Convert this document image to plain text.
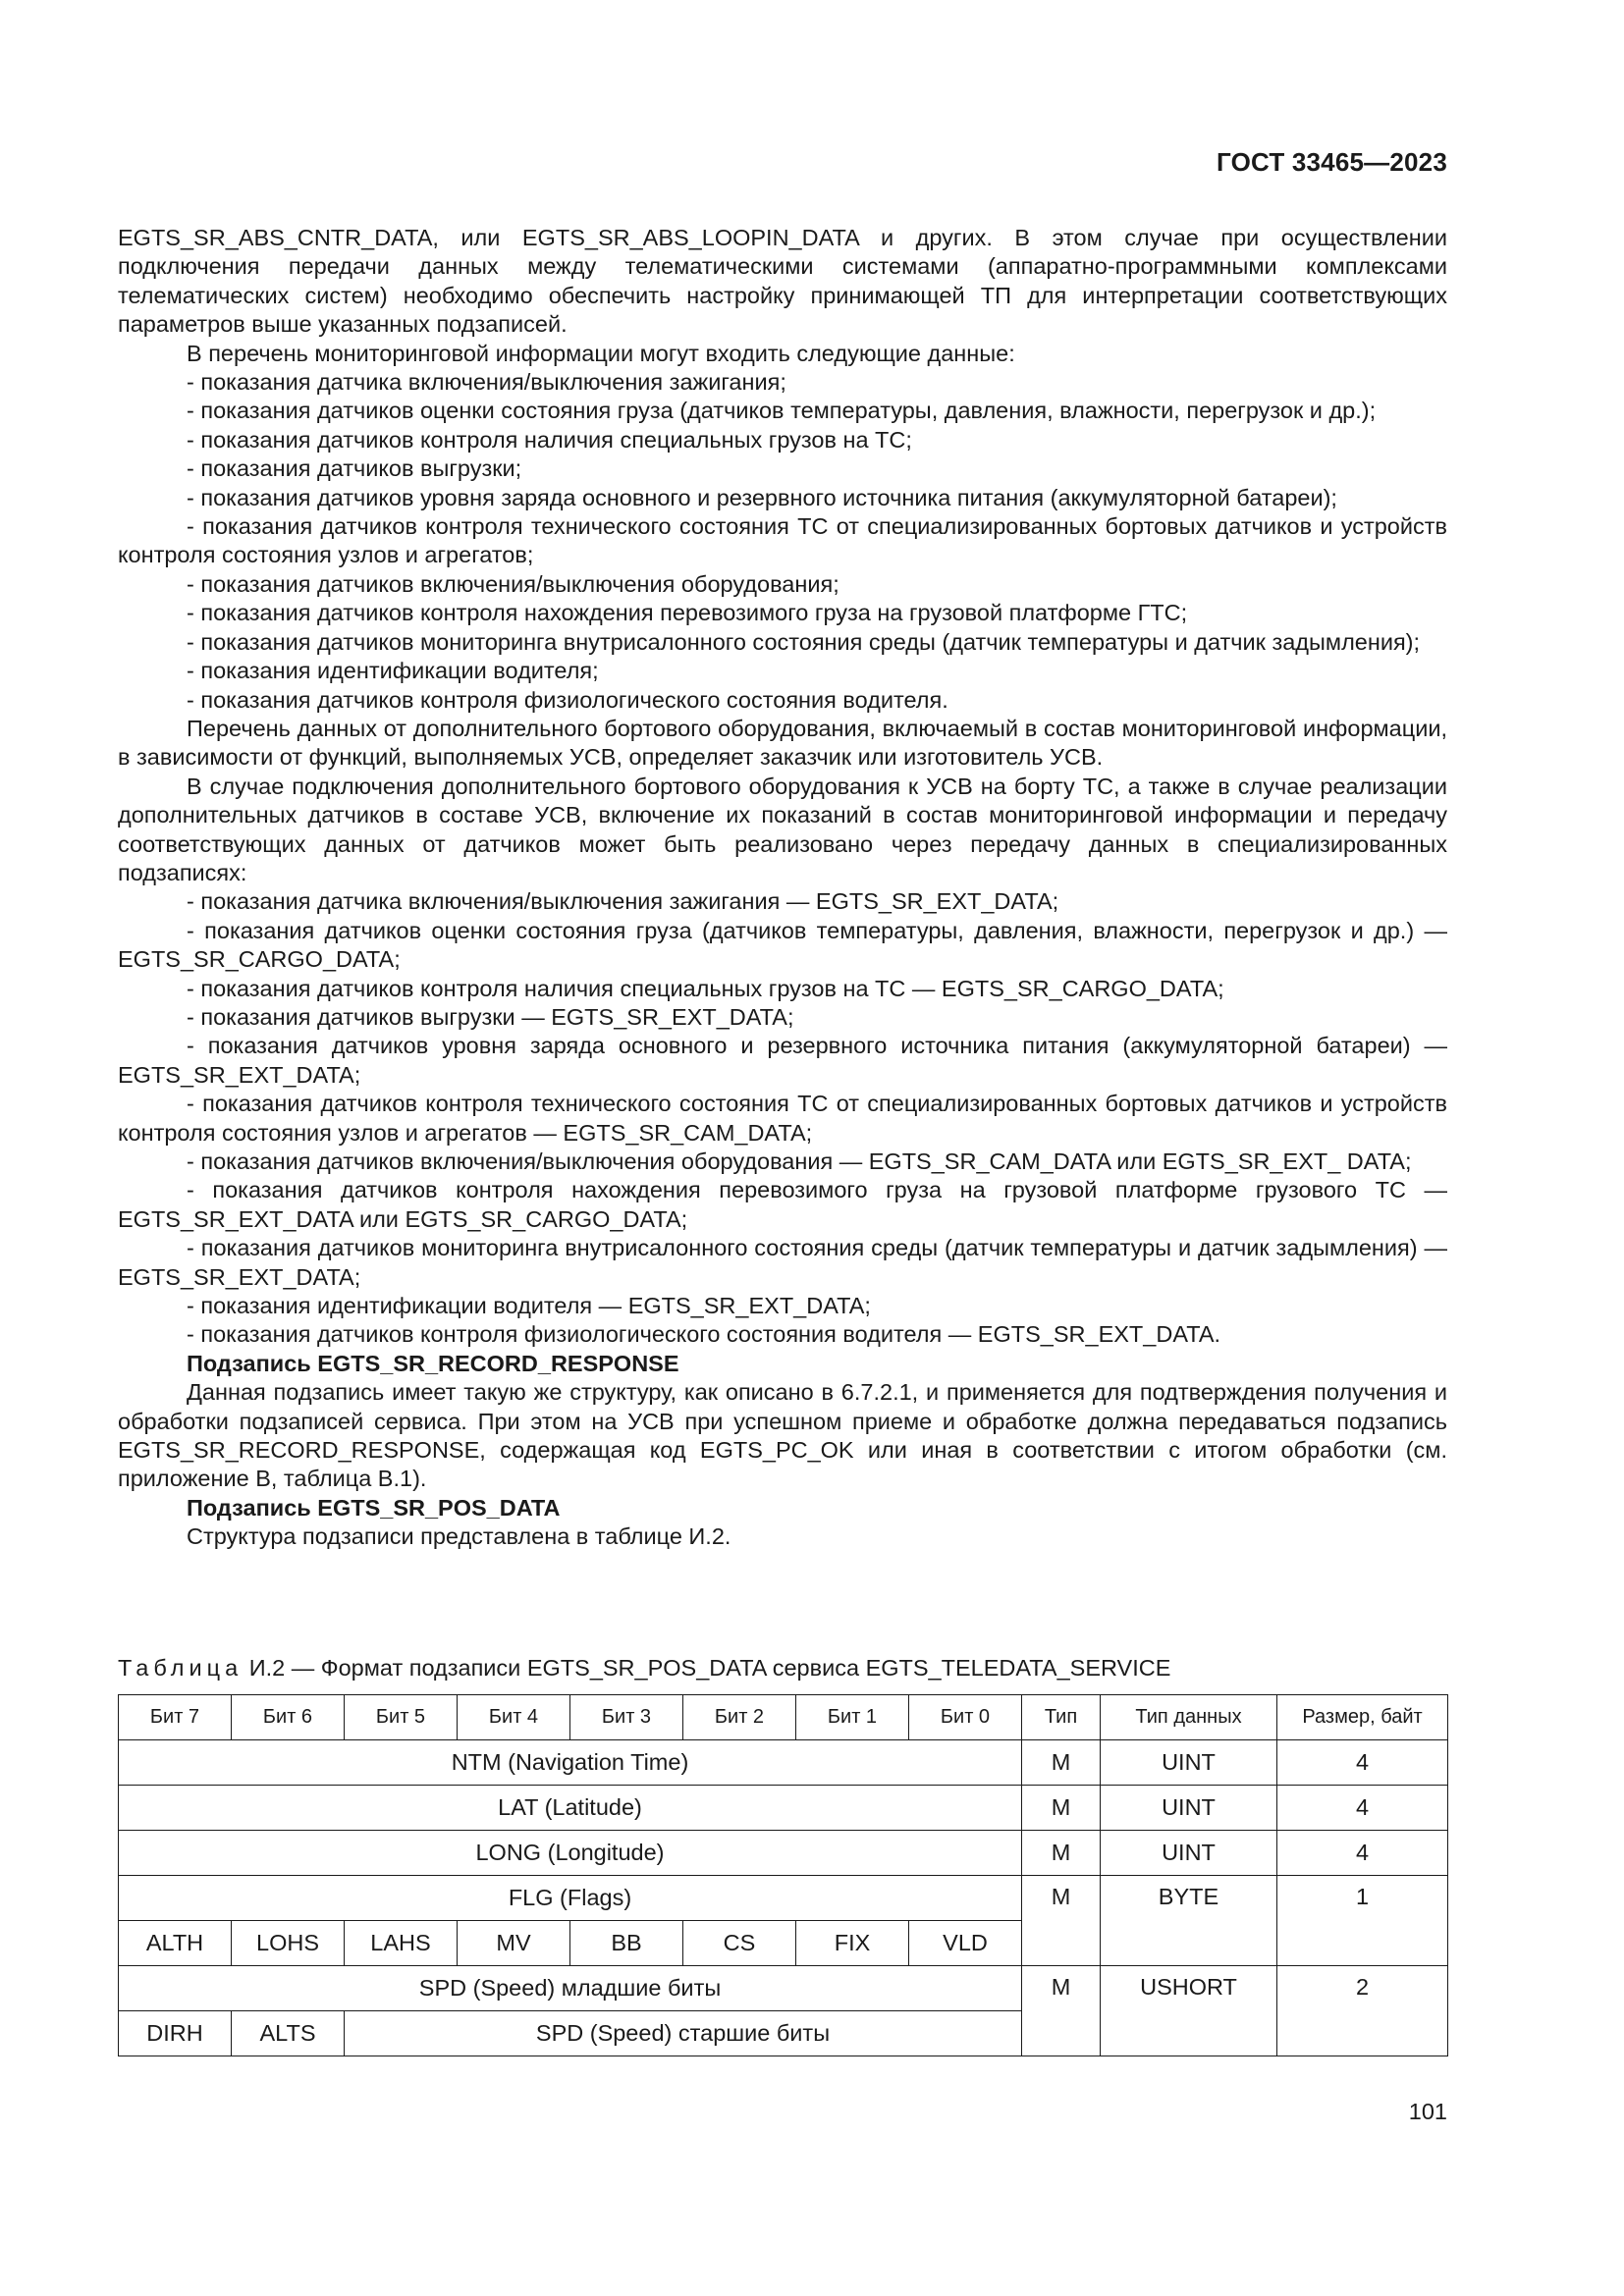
ГОСТ 33465—2023

EGTS_SR_ABS_CNTR_DATA, или EGTS_SR_ABS_LOOPIN_DATA и других. В этом случае при осуществлении подключения передачи данных между телематическими системами (аппаратно-программными комплексами телематических систем) необходимо обеспечить настройку принимающей ТП для интерпретации соответствующих параметров выше указанных подзаписей.

В перечень мониторинговой информации могут входить следующие данные:

- показания датчика включения/выключения зажигания;

- показания датчиков оценки состояния груза (датчиков температуры, давления, влажности, перегрузок и др.);

- показания датчиков контроля наличия специальных грузов на ТС;

- показания датчиков выгрузки;

- показания датчиков уровня заряда основного и резервного источника питания (аккумуляторной батареи);

- показания датчиков контроля технического состояния ТС от специализированных бортовых датчиков и устройств контроля состояния узлов и агрегатов;

- показания датчиков включения/выключения оборудования;

- показания датчиков контроля нахождения перевозимого груза на грузовой платформе ГТС;

- показания датчиков мониторинга внутрисалонного состояния среды (датчик температуры и датчик задымления);

- показания идентификации водителя;

- показания датчиков контроля физиологического состояния водителя.

Перечень данных от дополнительного бортового оборудования, включаемый в состав мониторинговой информации, в зависимости от функций, выполняемых УСВ, определяет заказчик или изготовитель УСВ.

В случае подключения дополнительного бортового оборудования к УСВ на борту ТС, а также в случае реализации дополнительных датчиков в составе УСВ, включение их показаний в состав мониторинговой информации и передачу соответствующих данных от датчиков может быть реализовано через передачу данных в специализированных подзаписях:

- показания датчика включения/выключения зажигания — EGTS_SR_EXT_DATA;

- показания датчиков оценки состояния груза (датчиков температуры, давления, влажности, перегрузок и др.) — EGTS_SR_CARGO_DATA;

- показания датчиков контроля наличия специальных грузов на ТС — EGTS_SR_CARGO_DATA;

- показания датчиков выгрузки — EGTS_SR_EXT_DATA;

- показания датчиков уровня заряда основного и резервного источника питания (аккумуляторной батареи) — EGTS_SR_EXT_DATA;

- показания датчиков контроля технического состояния ТС от специализированных бортовых датчиков и устройств контроля состояния узлов и агрегатов — EGTS_SR_CAM_DATA;

- показания датчиков включения/выключения оборудования — EGTS_SR_CAM_DATA или EGTS_SR_EXT_ DATA;

- показания датчиков контроля нахождения перевозимого груза на грузовой платформе грузового ТС — EGTS_SR_EXT_DATA или EGTS_SR_CARGO_DATA;

- показания датчиков мониторинга внутрисалонного состояния среды (датчик температуры и датчик задымления) — EGTS_SR_EXT_DATA;

- показания идентификации водителя — EGTS_SR_EXT_DATA;

- показания датчиков контроля физиологического состояния водителя — EGTS_SR_EXT_DATA.

Подзапись EGTS_SR_RECORD_RESPONSE

Данная подзапись имеет такую же структуру, как описано в 6.7.2.1, и применяется для подтверждения получения и обработки подзаписей сервиса. При этом на УСВ при успешном приеме и обработке должна передаваться подзапись EGTS_SR_RECORD_RESPONSE, содержащая код EGTS_PC_OK или иная в соответствии с итогом обработки (см. приложение В, таблица В.1).

Подзапись EGTS_SR_POS_DATA

Структура подзаписи представлена в таблице И.2.

Таблица И.2 — Формат подзаписи EGTS_SR_POS_DATA сервиса EGTS_TELEDATA_SERVICE
Бит 7	Бит 6	Бит 5	Бит 4	Бит 3	Бит 2	Бит 1	Бит 0	Тип	Тип данных	Размер, байт
NTM (Navigation Time)								M	UINT	4
LAT (Latitude)								M	UINT	4
LONG (Longitude)								M	UINT	4
FLG (Flags)								M	BYTE	1
ALTH	LOHS	LAHS	MV	BB	CS	FIX	VLD			
SPD (Speed) младшие биты								M	USHORT	2
DIRH	ALTS	SPD (Speed) старшие биты								
101
